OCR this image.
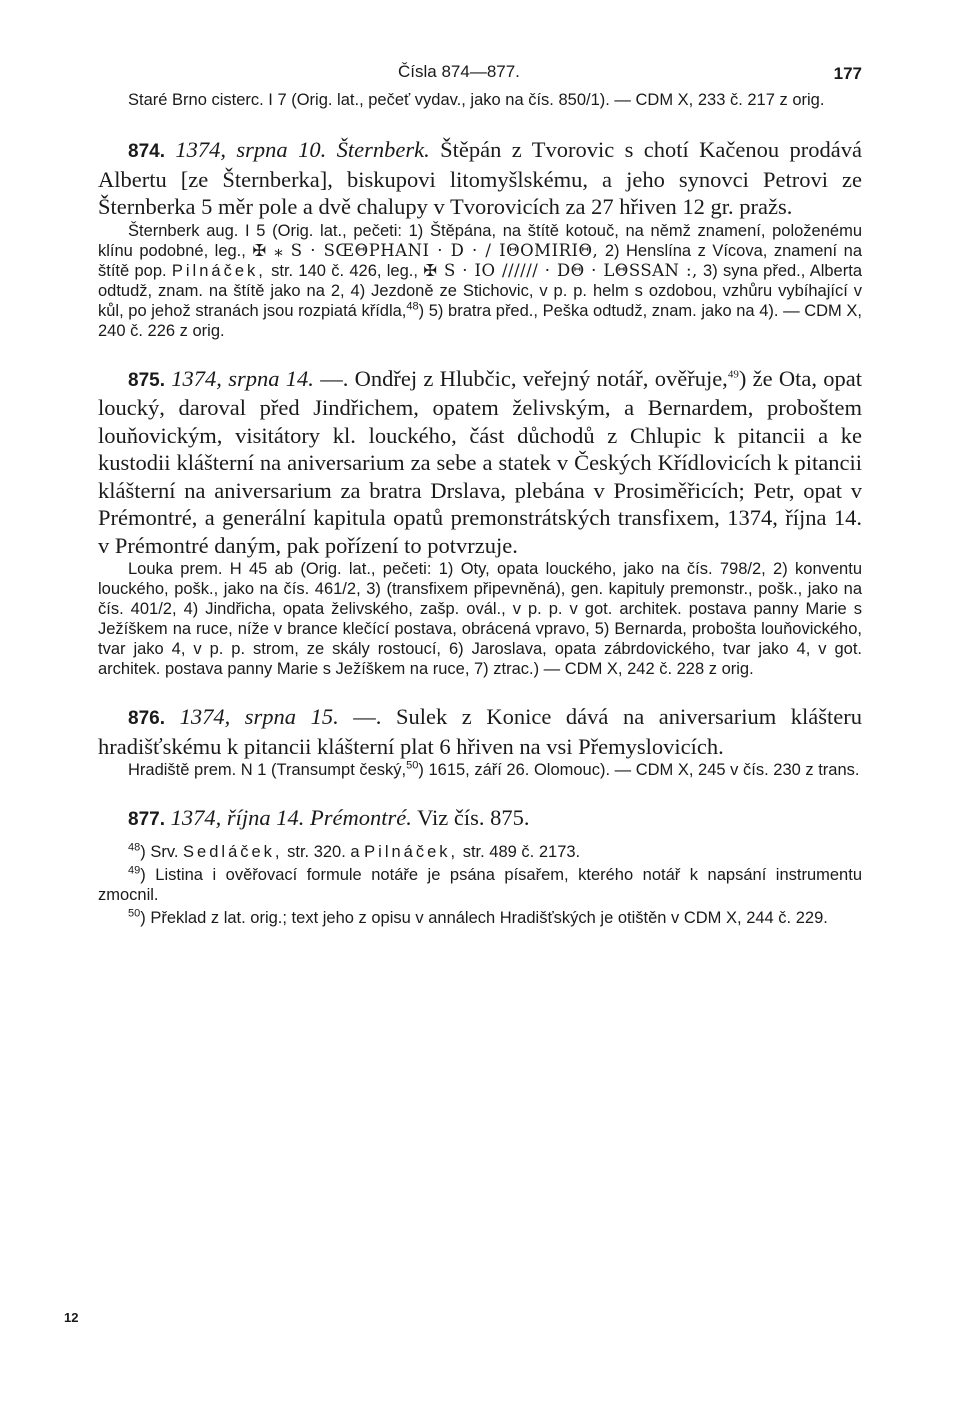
Čísla 874—877.	177

Staré Brno cisterc. I 7 (Orig. lat., pečeť vydav., jako na čís. 850/1). — CDM X, 233 č. 217 z orig.

874. 1374, srpna 10. Šternberk. Štěpán z Tvorovic s chotí Kačenou prodává Albertu [ze Šternberka], biskupovi litomyšlskému, a jeho synovci Petrovi ze Šternberka 5 měr pole a dvě chalupy v Tvorovicích za 27 hřiven 12 gr. pražs.

Šternberk aug. I 5 (Orig. lat., pečeti: 1) Štěpána, na štítě kotouč, na němž znamení, položenému klínu podobné, leg., ✠ ⁎ S · SŒΘPHANI · D · / IΘOMIRIΘ, 2) Henslína z Vícova, znamení na štítě pop. Pilnáček, str. 140 č. 426, leg., ✠ S · IO ////// · DΘ · LΘSSAN :, 3) syna před., Alberta odtudž, znam. na štítě jako na 2, 4) Jezdoně ze Stichovic, v p. p. helm s ozdobou, vzhůru vybíhající v kůl, po jehož stranách jsou rozpiatá křídla,$^{48}$) 5) bratra před., Peška odtudž, znam. jako na 4). — CDM X, 240 č. 226 z orig.

875. 1374, srpna 14. —. Ondřej z Hlubčic, veřejný notář, ověřuje,$^{49}$) že Ota, opat loucký, daroval před Jindřichem, opatem želivským, a Bernardem, proboštem louňovickým, visitátory kl. louckého, část důchodů z Chlupic k pitancii a ke kustodii klášterní na aniversarium za sebe a statek v Českých Křídlovicích k pitancii klášterní na aniversarium za bratra Drslava, plebána v Prosiměřicích; Petr, opat v Prémontré, a generální kapitula opatů premonstrátských transfixem, 1374, října 14. v Prémontré daným, pak pořízení to potvrzuje.

Louka prem. H 45 ab (Orig. lat., pečeti: 1) Oty, opata louckého, jako na čís. 798/2, 2) konventu louckého, pošk., jako na čís. 461/2, 3) (transfixem připevněná), gen. kapituly premonstr., pošk., jako na čís. 401/2, 4) Jindřicha, opata želivského, zašp. ovál., v p. p. v got. architek. postava panny Marie s Ježíškem na ruce, níže v brance klečící postava, obrácená vpravo, 5) Bernarda, probošta louňovického, tvar jako 4, v p. p. strom, ze skály rostoucí, 6) Jaroslava, opata zábrdovického, tvar jako 4, v got. architek. postava panny Marie s Ježíškem na ruce, 7) ztrac.) — CDM X, 242 č. 228 z orig.

876. 1374, srpna 15. —. Sulek z Konice dává na aniversarium klášteru hradišťskému k pitancii klášterní plat 6 hřiven na vsi Přemyslovicích.

Hradiště prem. N 1 (Transumpt český,$^{50}$) 1615, září 26. Olomouc). — CDM X, 245 v čís. 230 z trans.

877. 1374, října 14. Prémontré. Viz čís. 875.

$^{48}$) Srv. Sedláček, str. 320. a Pilnáček, str. 489 č. 2173.

$^{49}$) Listina i ověřovací formule notáře je psána písařem, kterého notář k napsání instrumentu zmocnil.

$^{50}$) Překlad z lat. orig.; text jeho z opisu v annálech Hradišťských je otištěn v CDM X, 244 č. 229.

12
